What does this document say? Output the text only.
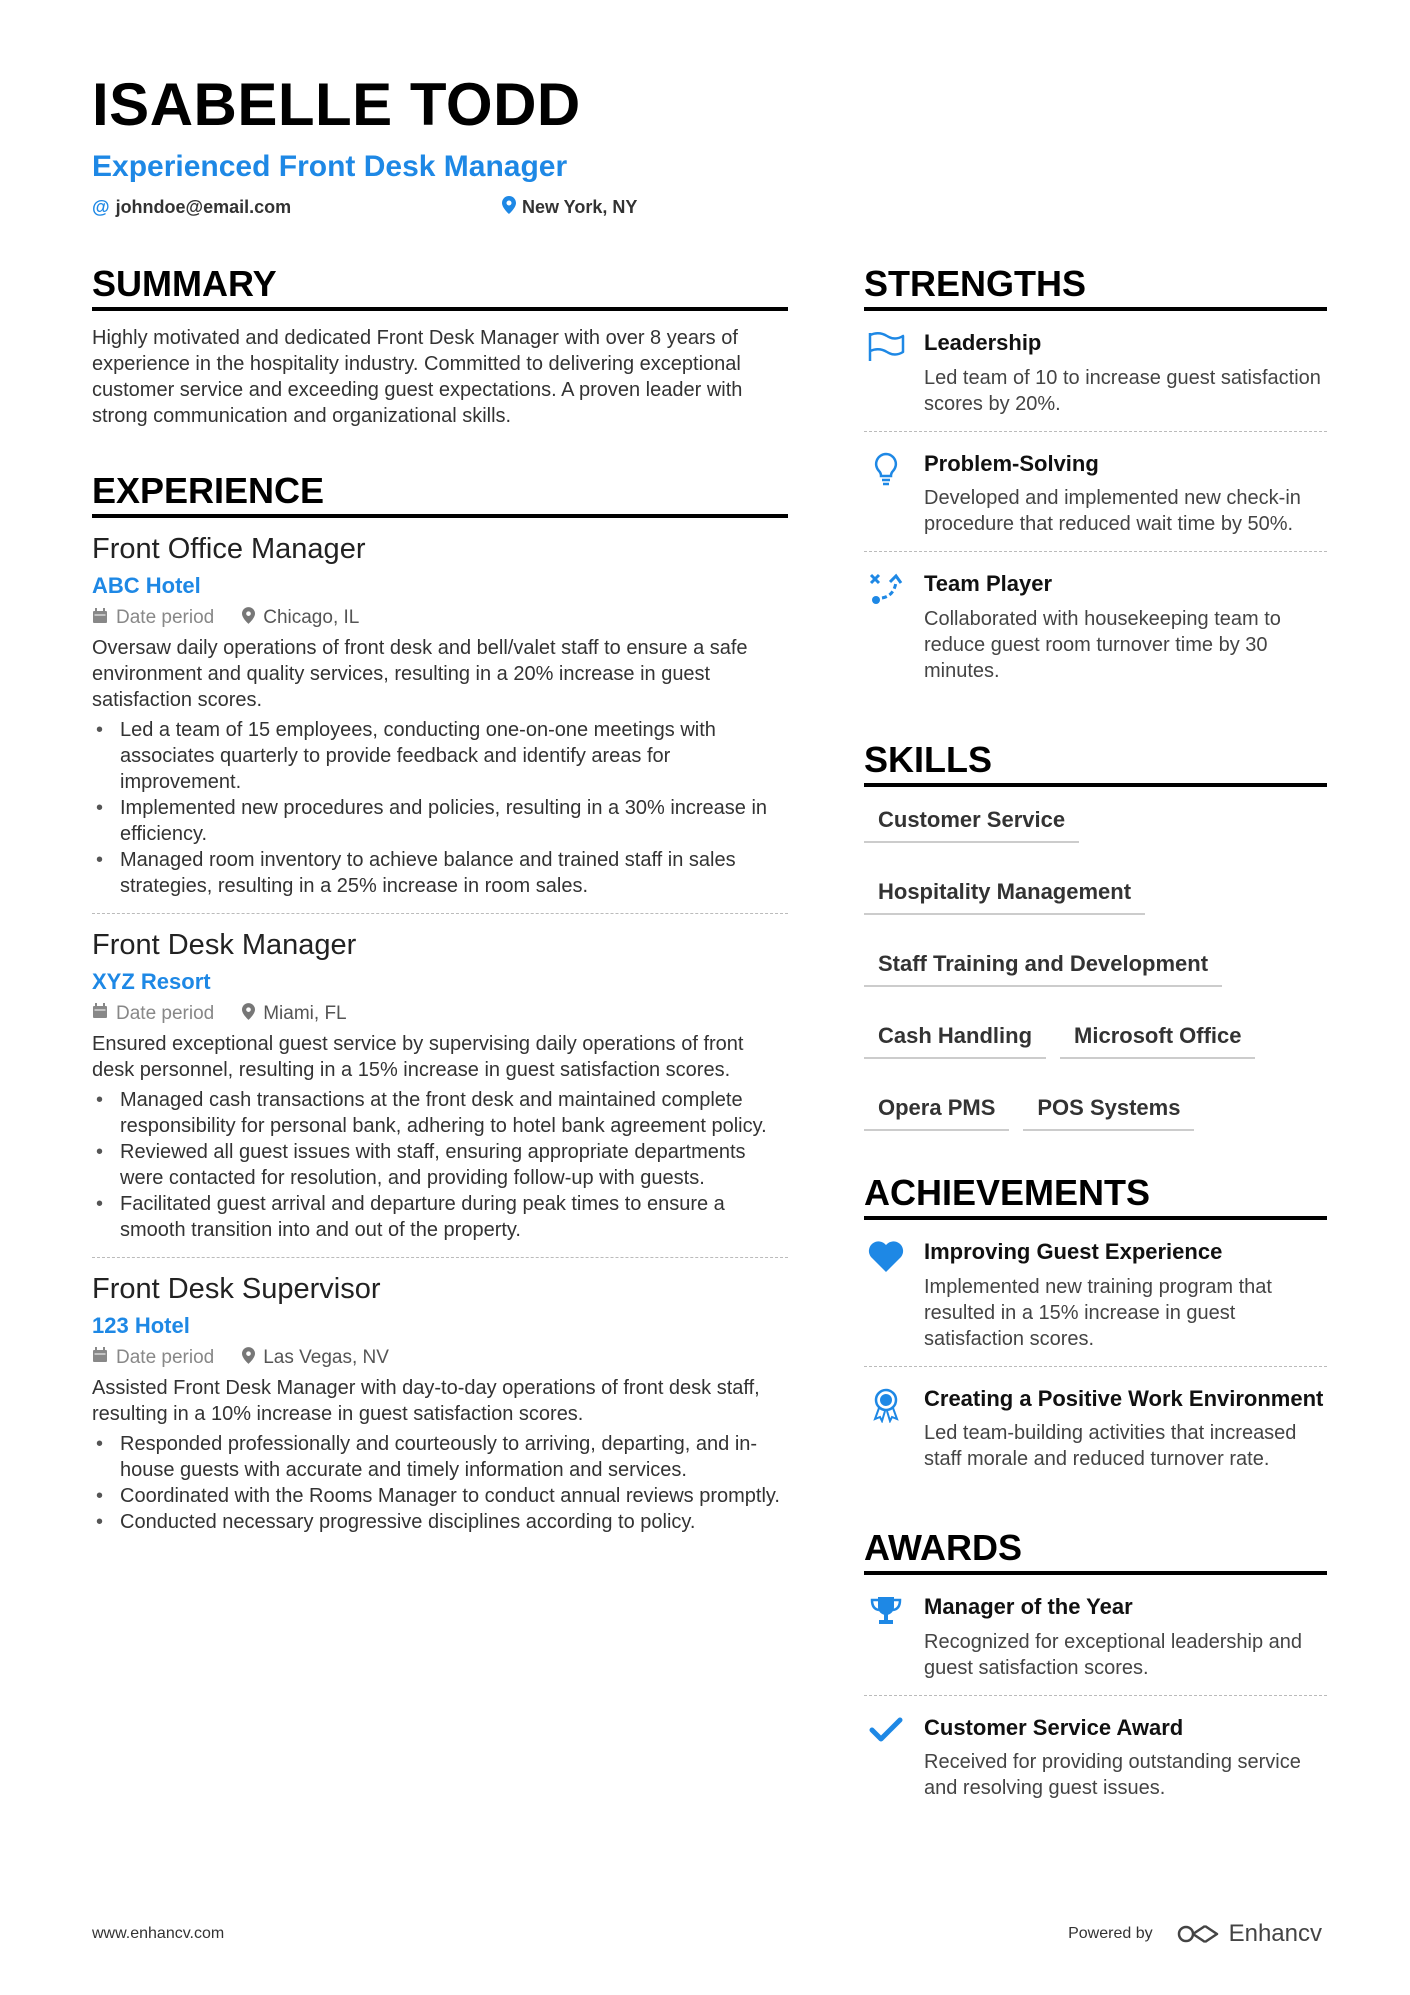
ISABELLE TODD
Experienced Front Desk Manager
@ johndoe@email.com	New York, NY
SUMMARY
Highly motivated and dedicated Front Desk Manager with over 8 years of experience in the hospitality industry. Committed to delivering exceptional customer service and exceeding guest expectations. A proven leader with strong communication and organizational skills.
EXPERIENCE
Front Office Manager
ABC Hotel
Date period	Chicago, IL
Oversaw daily operations of front desk and bell/valet staff to ensure a safe environment and quality services, resulting in a 20% increase in guest satisfaction scores.
• Led a team of 15 employees, conducting one-on-one meetings with associates quarterly to provide feedback and identify areas for improvement.
• Implemented new procedures and policies, resulting in a 30% increase in efficiency.
• Managed room inventory to achieve balance and trained staff in sales strategies, resulting in a 25% increase in room sales.
Front Desk Manager
XYZ Resort
Date period	Miami, FL
Ensured exceptional guest service by supervising daily operations of front desk personnel, resulting in a 15% increase in guest satisfaction scores.
• Managed cash transactions at the front desk and maintained complete responsibility for personal bank, adhering to hotel bank agreement policy.
• Reviewed all guest issues with staff, ensuring appropriate departments were contacted for resolution, and providing follow-up with guests.
• Facilitated guest arrival and departure during peak times to ensure a smooth transition into and out of the property.
Front Desk Supervisor
123 Hotel
Date period	Las Vegas, NV
Assisted Front Desk Manager with day-to-day operations of front desk staff, resulting in a 10% increase in guest satisfaction scores.
• Responded professionally and courteously to arriving, departing, and in-house guests with accurate and timely information and services.
• Coordinated with the Rooms Manager to conduct annual reviews promptly.
• Conducted necessary progressive disciplines according to policy.
STRENGTHS
Leadership
Led team of 10 to increase guest satisfaction scores by 20%.
Problem-Solving
Developed and implemented new check-in procedure that reduced wait time by 50%.
Team Player
Collaborated with housekeeping team to reduce guest room turnover time by 30 minutes.
SKILLS
Customer Service
Hospitality Management
Staff Training and Development
Cash Handling	Microsoft Office
Opera PMS	POS Systems
ACHIEVEMENTS
Improving Guest Experience
Implemented new training program that resulted in a 15% increase in guest satisfaction scores.
Creating a Positive Work Environment
Led team-building activities that increased staff morale and reduced turnover rate.
AWARDS
Manager of the Year
Recognized for exceptional leadership and guest satisfaction scores.
Customer Service Award
Received for providing outstanding service and resolving guest issues.
www.enhancv.com	Powered by	Enhancv
